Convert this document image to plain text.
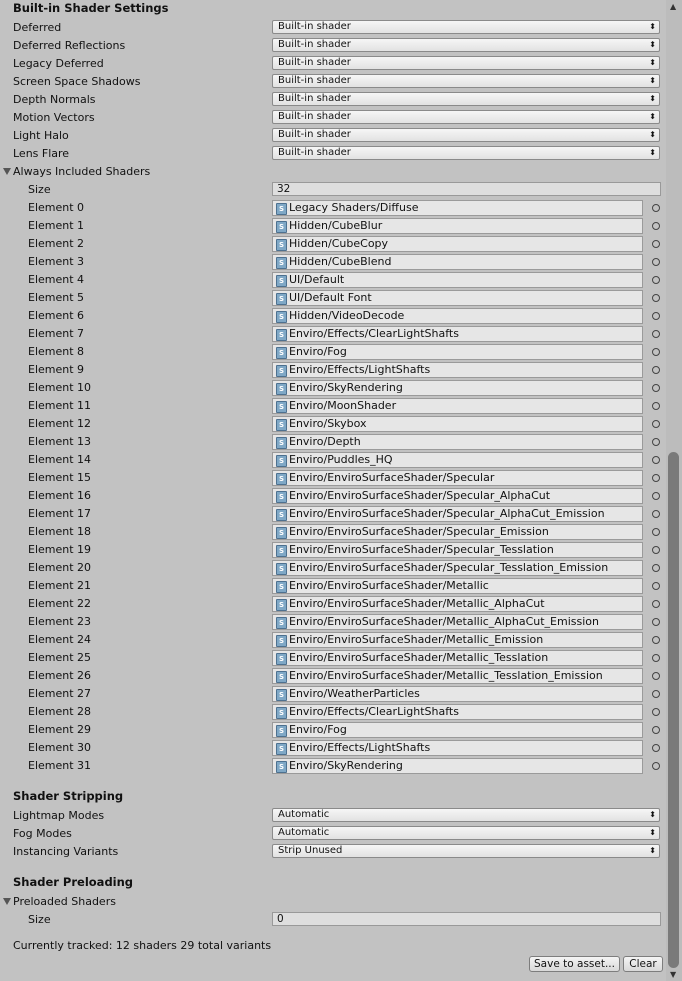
Built-in Shader Settings
Deferred	Built-in shader	⬍
Deferred Reflections	Built-in shader	⬍
Legacy Deferred	Built-in shader	⬍
Screen Space Shadows	Built-in shader	⬍
Depth Normals	Built-in shader	⬍
Motion Vectors	Built-in shader	⬍
Light Halo	Built-in shader	⬍
Lens Flare	Built-in shader	⬍
Always Included Shaders
Size	32
Element 0	S Legacy Shaders/Diffuse
Element 1	S Hidden/CubeBlur
Element 2	S Hidden/CubeCopy
Element 3	S Hidden/CubeBlend
Element 4	S UI/Default
Element 5	S UI/Default Font
Element 6	S Hidden/VideoDecode
Element 7	S Enviro/Effects/ClearLightShafts
Element 8	S Enviro/Fog
Element 9	S Enviro/Effects/LightShafts
Element 10	S Enviro/SkyRendering
Element 11	S Enviro/MoonShader
Element 12	S Enviro/Skybox
Element 13	S Enviro/Depth
Element 14	S Enviro/Puddles_HQ
Element 15	S Enviro/EnviroSurfaceShader/Specular
Element 16	S Enviro/EnviroSurfaceShader/Specular_AlphaCut
Element 17	S Enviro/EnviroSurfaceShader/Specular_AlphaCut_Emission
Element 18	S Enviro/EnviroSurfaceShader/Specular_Emission
Element 19	S Enviro/EnviroSurfaceShader/Specular_Tesslation
Element 20	S Enviro/EnviroSurfaceShader/Specular_Tesslation_Emission
Element 21	S Enviro/EnviroSurfaceShader/Metallic
Element 22	S Enviro/EnviroSurfaceShader/Metallic_AlphaCut
Element 23	S Enviro/EnviroSurfaceShader/Metallic_AlphaCut_Emission
Element 24	S Enviro/EnviroSurfaceShader/Metallic_Emission
Element 25	S Enviro/EnviroSurfaceShader/Metallic_Tesslation
Element 26	S Enviro/EnviroSurfaceShader/Metallic_Tesslation_Emission
Element 27	S Enviro/WeatherParticles
Element 28	S Enviro/Effects/ClearLightShafts
Element 29	S Enviro/Fog
Element 30	S Enviro/Effects/LightShafts
Element 31	S Enviro/SkyRendering
Shader Stripping
Lightmap Modes	Automatic	⬍
Fog Modes	Automatic	⬍
Instancing Variants	Strip Unused	⬍
Shader Preloading
Preloaded Shaders
Size	0
Currently tracked: 12 shaders 29 total variants
Save to asset...	Clear
▲
▼
